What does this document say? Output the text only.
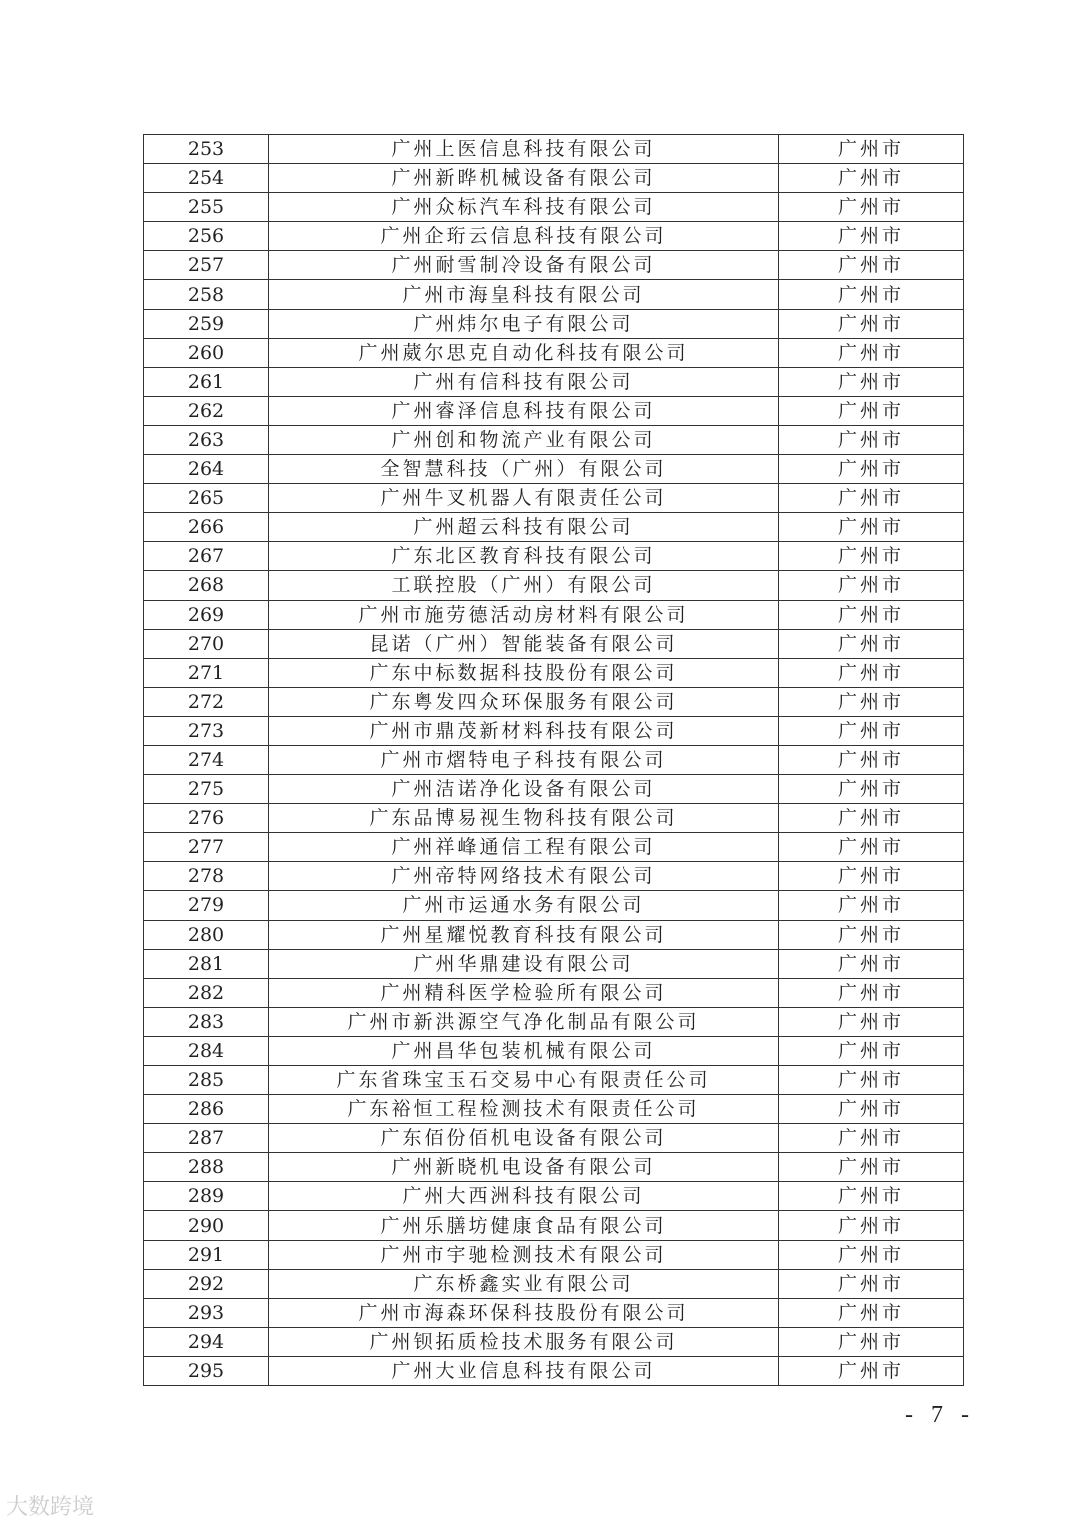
253	广州上医信息科技有限公司	广州市
254	广州新晔机械设备有限公司	广州市
255	广州众标汽车科技有限公司	广州市
256	广州企珩云信息科技有限公司	广州市
257	广州耐雪制冷设备有限公司	广州市
258	广州市海皇科技有限公司	广州市
259	广州炜尔电子有限公司	广州市
260	广州葳尔思克自动化科技有限公司	广州市
261	广州有信科技有限公司	广州市
262	广州睿泽信息科技有限公司	广州市
263	广州创和物流产业有限公司	广州市
264	全智慧科技（广州）有限公司	广州市
265	广州牛叉机器人有限责任公司	广州市
266	广州超云科技有限公司	广州市
267	广东北区教育科技有限公司	广州市
268	工联控股（广州）有限公司	广州市
269	广州市施劳德活动房材料有限公司	广州市
270	昆诺（广州）智能装备有限公司	广州市
271	广东中标数据科技股份有限公司	广州市
272	广东粤发四众环保服务有限公司	广州市
273	广州市鼎茂新材料科技有限公司	广州市
274	广州市熠特电子科技有限公司	广州市
275	广州洁诺净化设备有限公司	广州市
276	广东品博易视生物科技有限公司	广州市
277	广州祥峰通信工程有限公司	广州市
278	广州帝特网络技术有限公司	广州市
279	广州市运通水务有限公司	广州市
280	广州星耀悦教育科技有限公司	广州市
281	广州华鼎建设有限公司	广州市
282	广州精科医学检验所有限公司	广州市
283	广州市新洪源空气净化制品有限公司	广州市
284	广州昌华包装机械有限公司	广州市
285	广东省珠宝玉石交易中心有限责任公司	广州市
286	广东裕恒工程检测技术有限责任公司	广州市
287	广东佰份佰机电设备有限公司	广州市
288	广州新晓机电设备有限公司	广州市
289	广州大西洲科技有限公司	广州市
290	广州乐膳坊健康食品有限公司	广州市
291	广州市宇驰检测技术有限公司	广州市
292	广东桥鑫实业有限公司	广州市
293	广州市海森环保科技股份有限公司	广州市
294	广州钡拓质检技术服务有限公司	广州市
295	广州大业信息科技有限公司	广州市
- 7 -
大数跨境
